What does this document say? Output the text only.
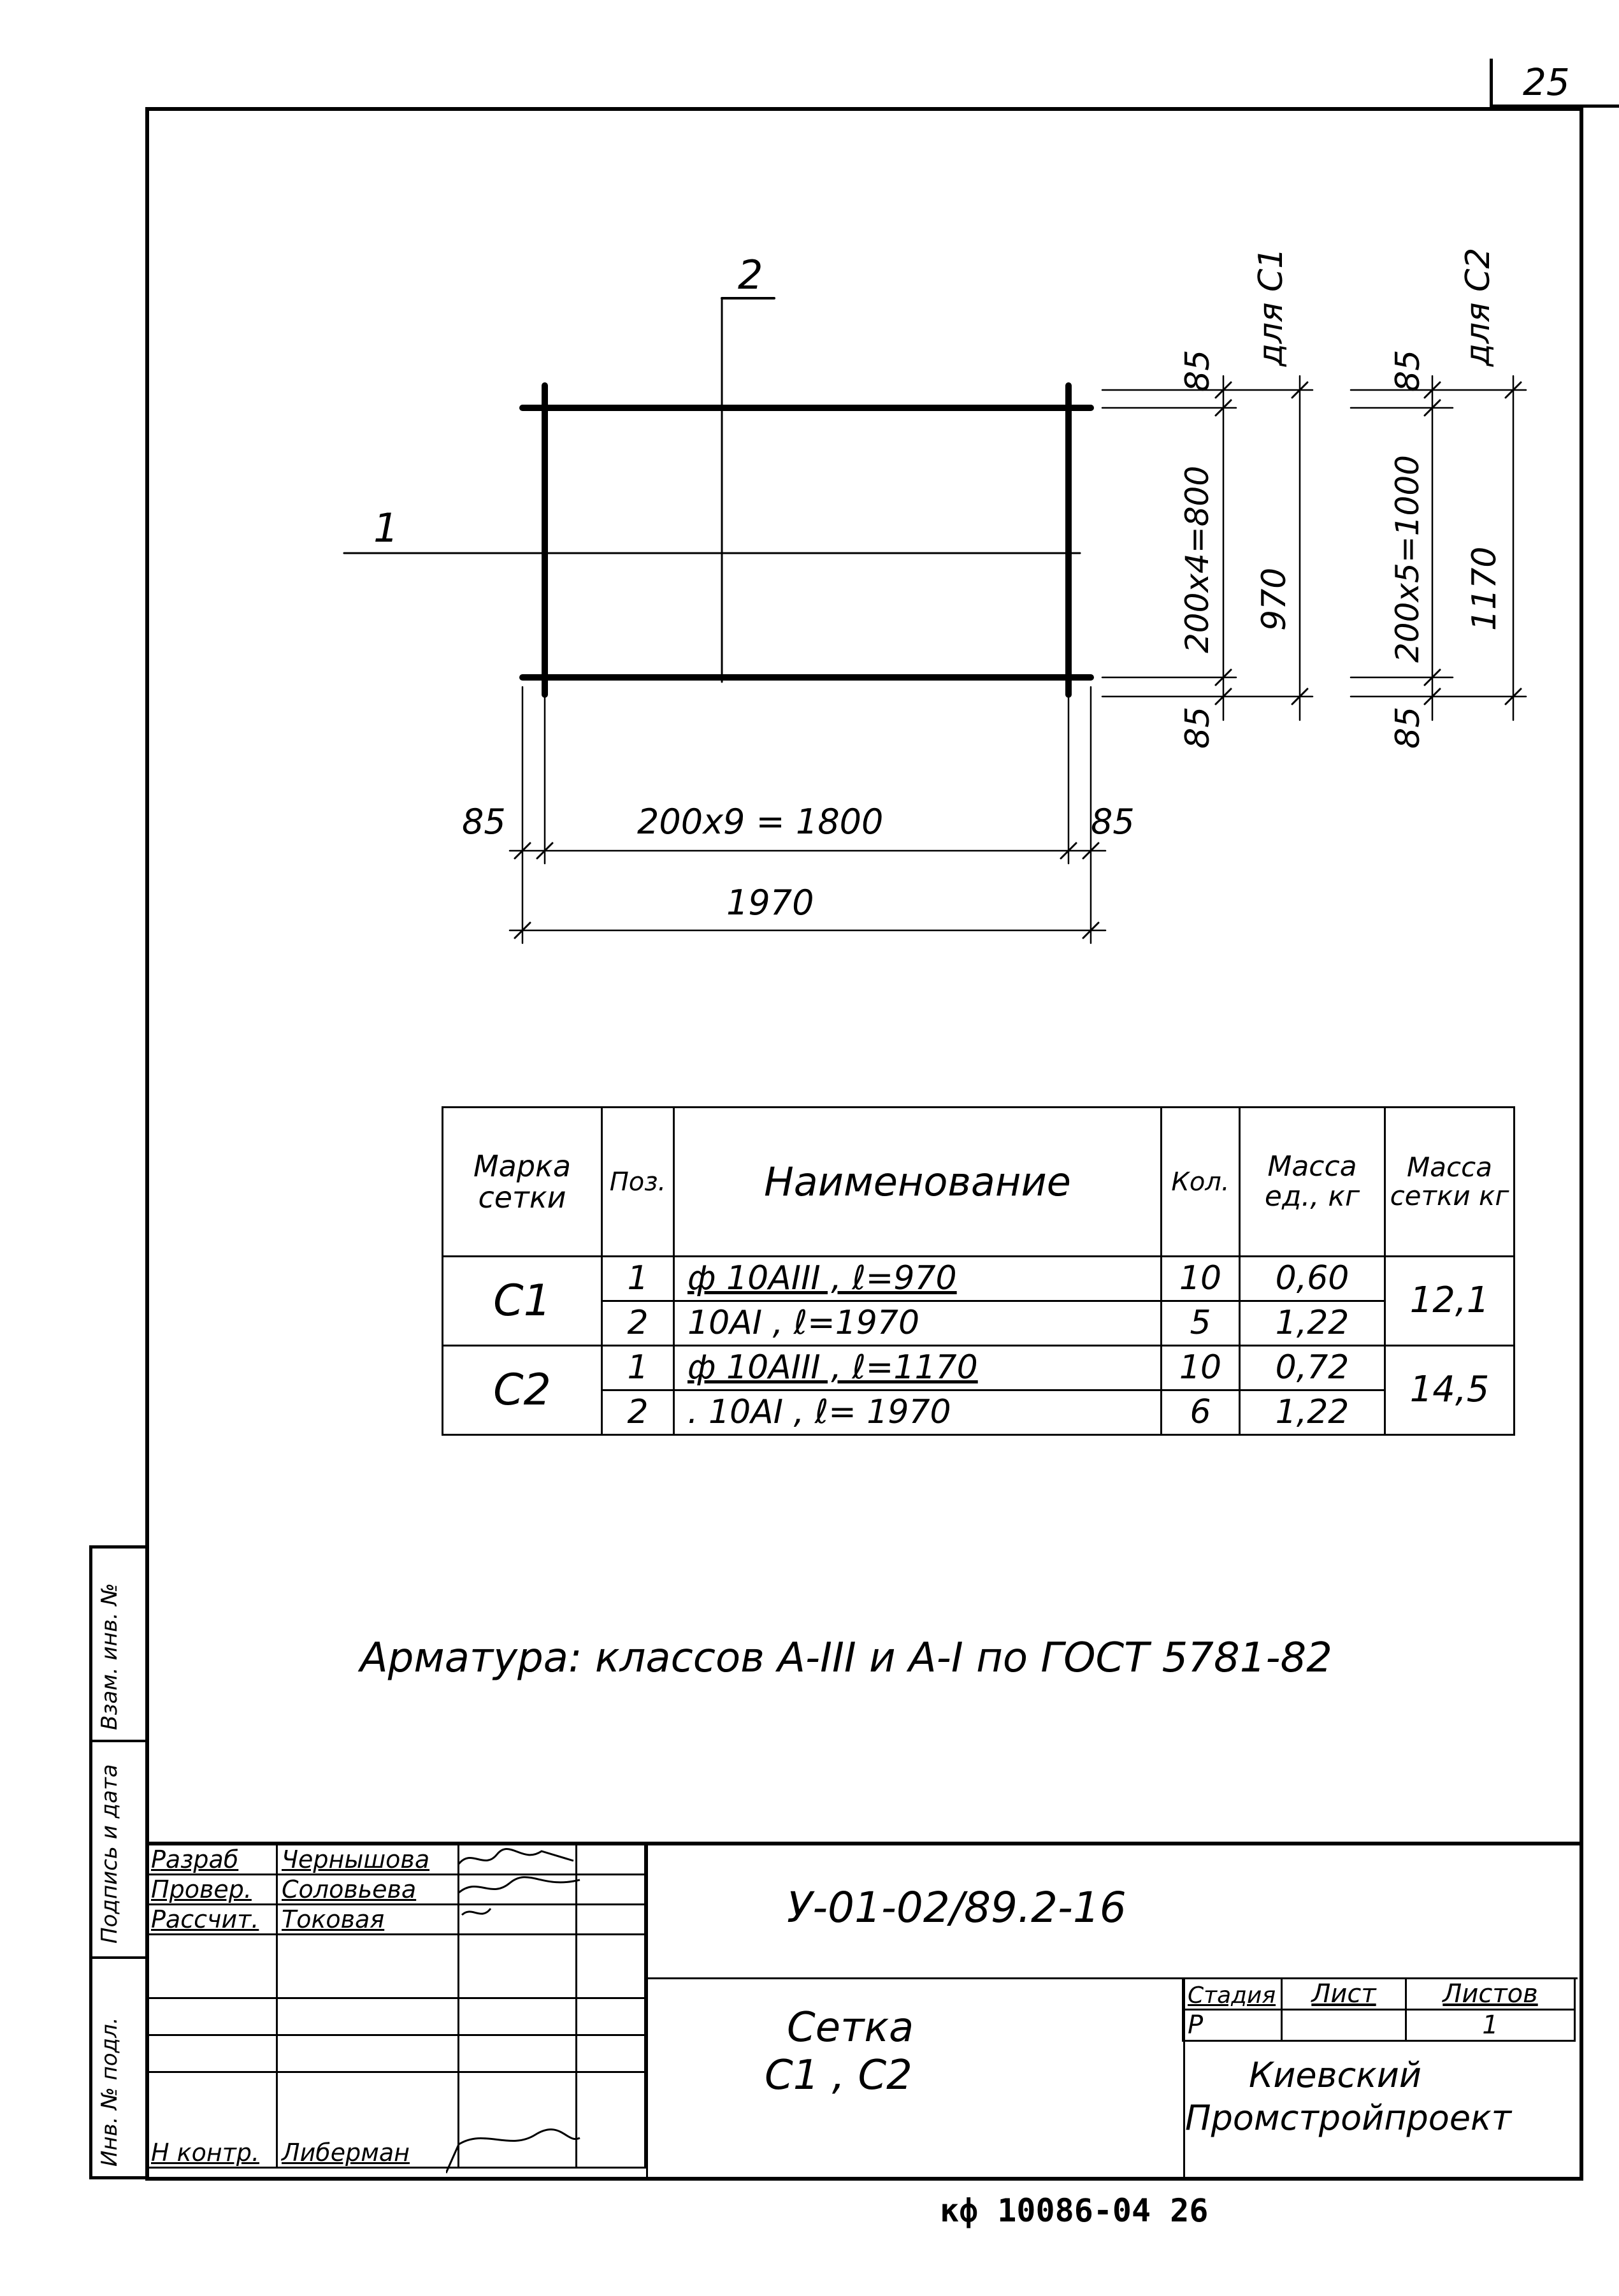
25
Инв. № подл.
Подпись и дата
Взам. инв. №
2
1
85	200х9 = 1800	85
1970
для С1
85
200х4=800 970
85
для С2
85
200х5=1000 1170
85
Марка сетки	Поз.	Наименование	Кол.	Масса ед., кг	Масса сетки кг
С1	1	ф 10АIII , ℓ=970	10	0,60	12,1
	2	10АI , ℓ=1970	5	1,22	
С2	1	ф 10АIII , ℓ=1170	10	0,72	14,5
	2	. 10АI , ℓ= 1970	6	1,22	
Арматура: классов А-III и А-I по ГОСТ 5781-82
Разраб	Чернышова		
Провер.	Соловьева		
Рассчит.	Токовая		

Н контр.	Либерман		
У-01-02/89.2-16
Сетка
С1 , С2
Стадия	Лист	Листов
Р		1
Киевский
Промстройпроект
кф 10086-04 26
